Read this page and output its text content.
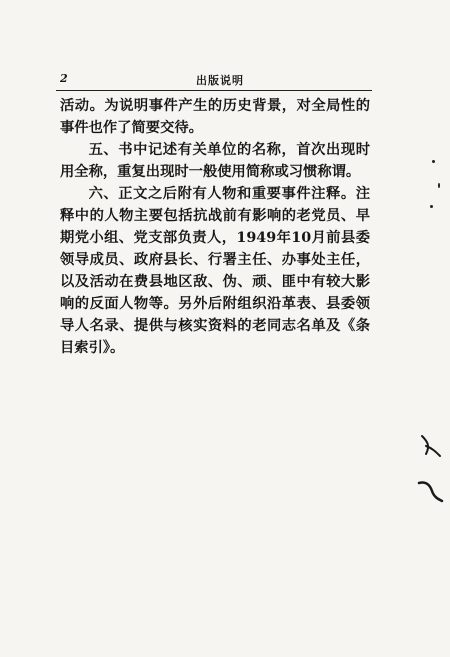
2	出版说明

活动。为说明事件产生的历史背景，对全局性的事件也作了简要交待。

五、书中记述有关单位的名称，首次出现时用全称，重复出现时一般使用简称或习惯称谓。

六、正文之后附有人物和重要事件注释。注释中的人物主要包括抗战前有影响的老党员、早期党小组、党支部负责人，1949年10月前县委领导成员、政府县长、行署主任、办事处主任，以及活动在费县地区敌、伪、顽、匪中有较大影响的反面人物等。另外后附组织沿革表、县委领导人名录、提供与核实资料的老同志名单及《条目索引》。
